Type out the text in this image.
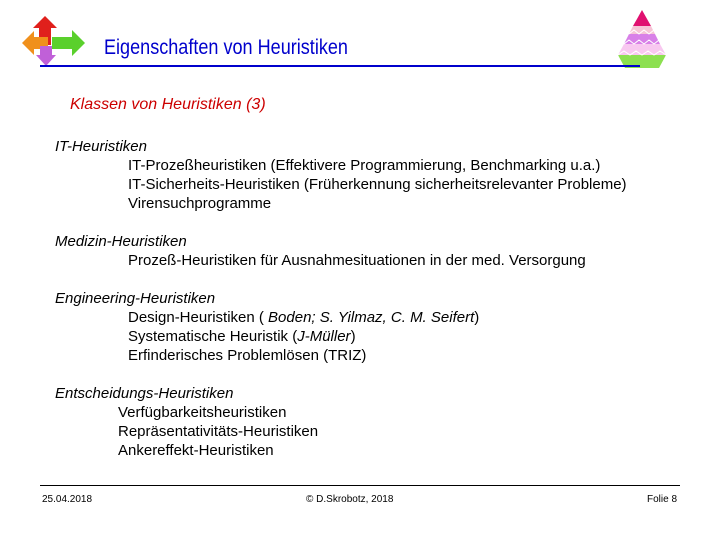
Eigenschaften von Heuristiken
Klassen von Heuristiken (3)
IT-Heuristiken
IT-Prozeßheuristiken (Effektivere Programmierung, Benchmarking u.a.)
IT-Sicherheits-Heuristiken (Früherkennung sicherheitsrelevanter Probleme)
Virensuchprogramme
Medizin-Heuristiken
Prozeß-Heuristiken für Ausnahmesituationen in der med. Versorgung
Engineering-Heuristiken
Design-Heuristiken ( Boden; S. Yilmaz, C. M. Seifert)
Systematische Heuristik (J-Müller)
Erfinderisches Problemlösen (TRIZ)
Entscheidungs-Heuristiken
Verfügbarkeitsheuristiken
Repräsentativitäts-Heuristiken
Ankereffekt-Heuristiken
25.04.2018	© D.Skrobotz, 2018	Folie 8
